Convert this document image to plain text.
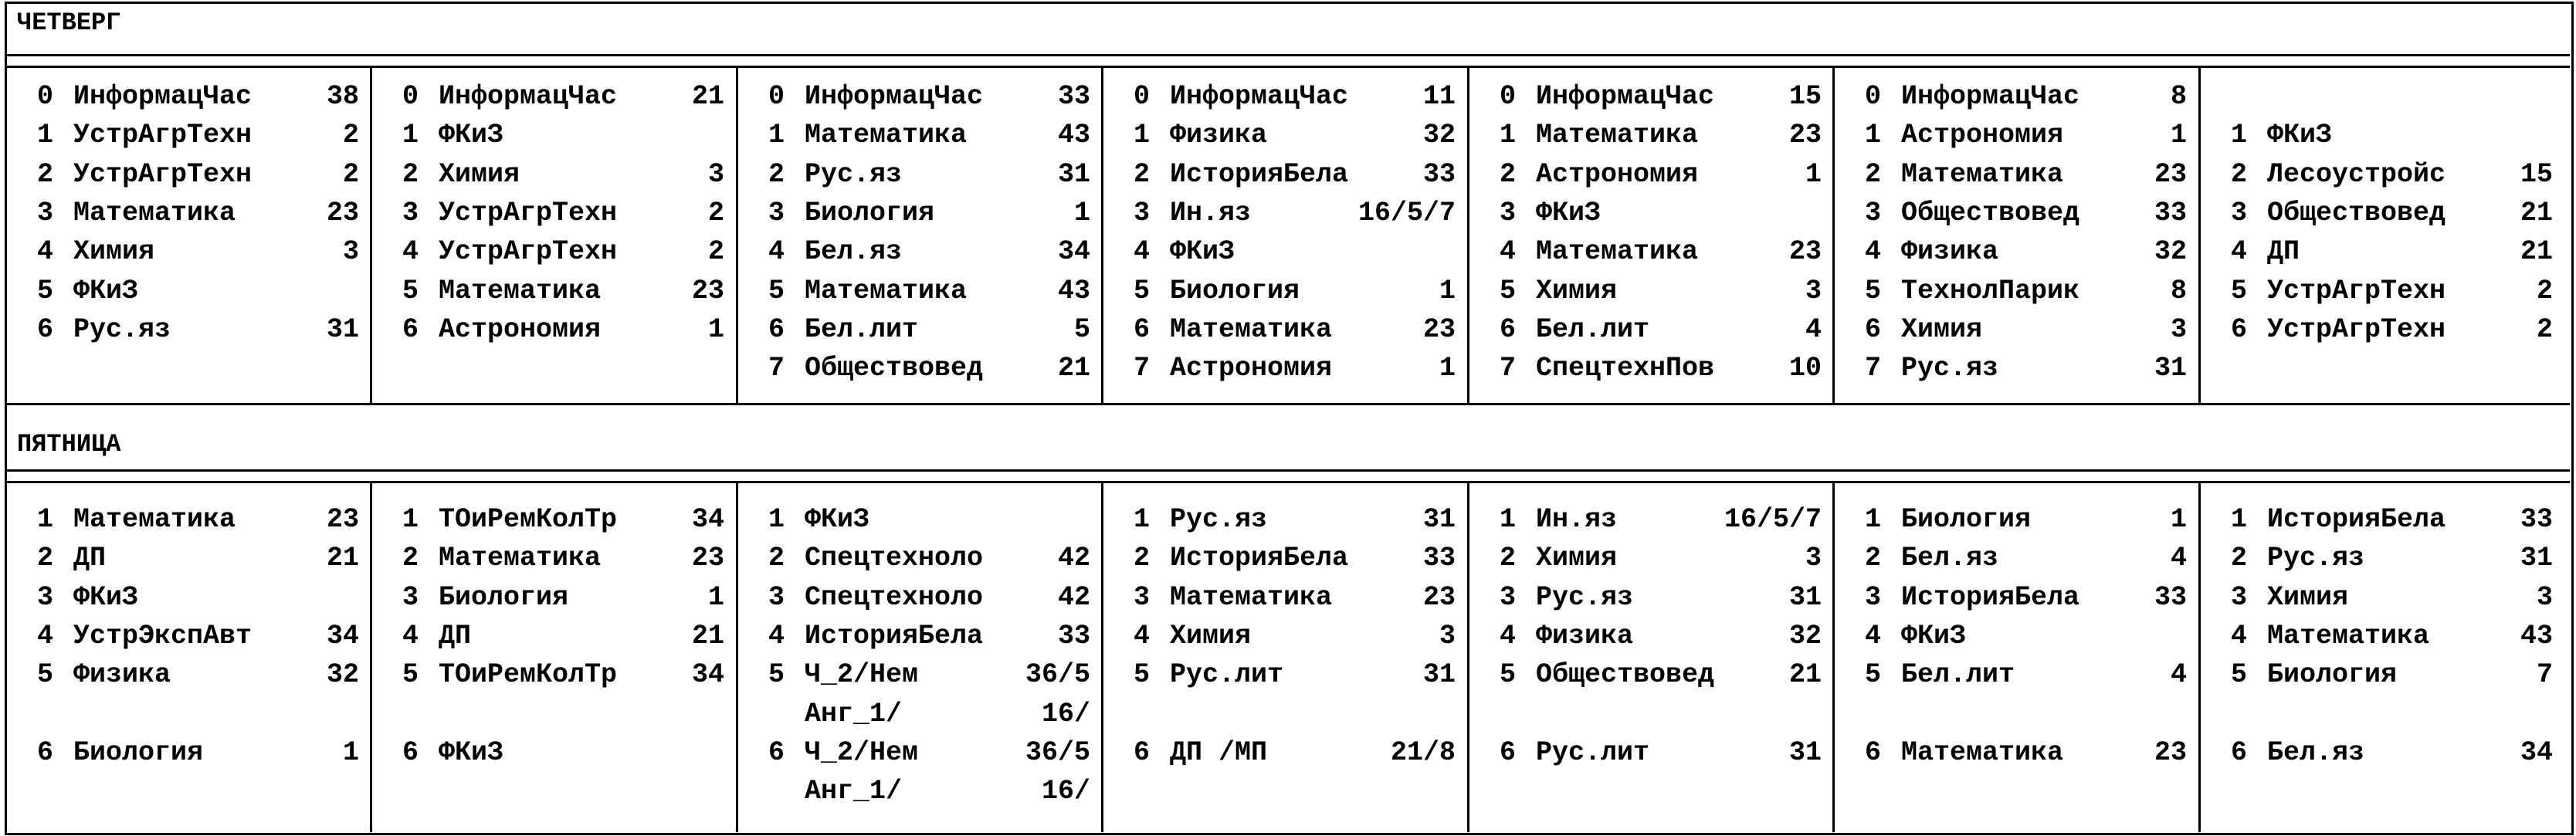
ЧЕТВЕРГ
ПЯТНИЦА
0 ИнформацЧас	38
1 УстрАгрТехн	2
2 УстрАгрТехн	2
3 Математика	23
4 Химия	3
5 ФКиЗ
6 Рус.яз	31
0 ИнформацЧас	21
1 ФКиЗ
2 Химия	3
3 УстрАгрТехн	2
4 УстрАгрТехн	2
5 Математика	23
6 Астрономия	1
0 ИнформацЧас	33
1 Математика	43
2 Рус.яз	31
3 Биология	1
4 Бел.яз	34
5 Математика	43
6 Бел.лит	5
7 Обществовед	21
0 ИнформацЧас	11
1 Физика	32
2 ИсторияБела	33
3 Ин.яз	16/5/7
4 ФКиЗ
5 Биология	1
6 Математика	23
7 Астрономия	1
0 ИнформацЧас	15
1 Математика	23
2 Астрономия	1
3 ФКиЗ
4 Математика	23
5 Химия	3
6 Бел.лит	4
7 СпецтехнПов	10
0 ИнформацЧас	8
1 Астрономия	1
2 Математика	23
3 Обществовед	33
4 Физика	32
5 ТехнолПарик	8
6 Химия	3
7 Рус.яз	31
1 ФКиЗ
2 Лесоустройс	15
3 Обществовед	21
4 ДП	21
5 УстрАгрТехн	2
6 УстрАгрТехн	2
1 Математика	23
2 ДП	21
3 ФКиЗ
4 УстрЭкспАвт	34
5 Физика	32
6 Биология	1
1 ТОиРемКолТр	34
2 Математика	23
3 Биология	1
4 ДП	21
5 ТОиРемКолТр	34
6 ФКиЗ
1 ФКиЗ
2 Спецтехноло	42
3 Спецтехноло	42
4 ИсторияБела	33
5 Ч_2/Нем	36/5
Анг_1/	16/
6 Ч_2/Нем	36/5
Анг_1/	16/
1 Рус.яз	31
2 ИсторияБела	33
3 Математика	23
4 Химия	3
5 Рус.лит	31
6 ДП /МП	21/8
1 Ин.яз	16/5/7
2 Химия	3
3 Рус.яз	31
4 Физика	32
5 Обществовед	21
6 Рус.лит	31
1 Биология	1
2 Бел.яз	4
3 ИсторияБела	33
4 ФКиЗ
5 Бел.лит	4
6 Математика	23
1 ИсторияБела	33
2 Рус.яз	31
3 Химия	3
4 Математика	43
5 Биология	7
6 Бел.яз	34
